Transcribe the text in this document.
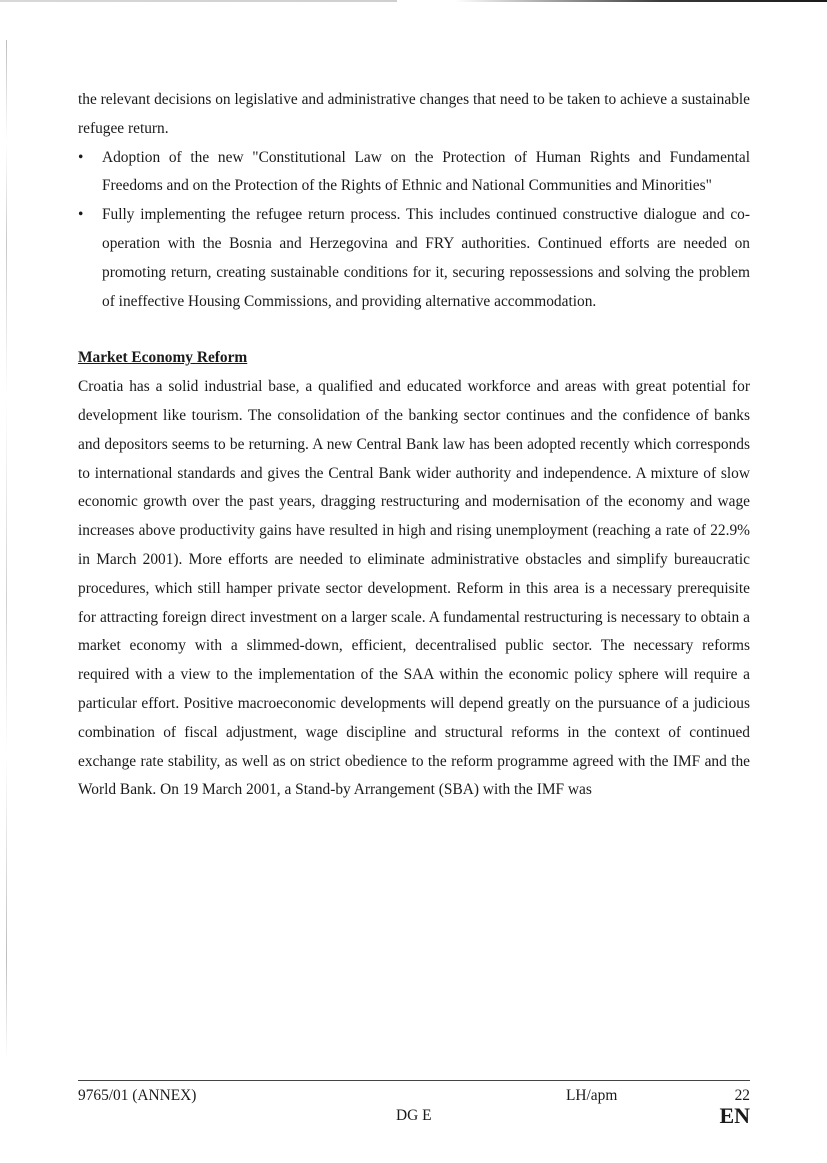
the relevant decisions on legislative and administrative changes that need to be taken to achieve a sustainable refugee return.

• Adoption of the new "Constitutional Law on the Protection of Human Rights and Fundamental Freedoms and on the Protection of the Rights of Ethnic and National Communities and Minorities"
• Fully implementing the refugee return process. This includes continued constructive dialogue and co-operation with the Bosnia and Herzegovina and FRY authorities. Continued efforts are needed on promoting return, creating sustainable conditions for it, securing repossessions and solving the problem of ineffective Housing Commissions, and providing alternative accommodation.
Market Economy Reform

Croatia has a solid industrial base, a qualified and educated workforce and areas with great potential for development like tourism. The consolidation of the banking sector continues and the confidence of banks and depositors seems to be returning. A new Central Bank law has been adopted recently which corresponds to international standards and gives the Central Bank wider authority and independence. A mixture of slow economic growth over the past years, dragging restructuring and modernisation of the economy and wage increases above productivity gains have resulted in high and rising unemployment (reaching a rate of 22.9% in March 2001). More efforts are needed to eliminate administrative obstacles and simplify bureaucratic procedures, which still hamper private sector development. Reform in this area is a necessary prerequisite for attracting foreign direct investment on a larger scale. A fundamental restructuring is necessary to obtain a market economy with a slimmed-down, efficient, decentralised public sector. The necessary reforms required with a view to the implementation of the SAA within the economic policy sphere will require a particular effort. Positive macroeconomic developments will depend greatly on the pursuance of a judicious combination of fiscal adjustment, wage discipline and structural reforms in the context of continued exchange rate stability, as well as on strict obedience to the reform programme agreed with the IMF and the World Bank. On 19 March 2001, a Stand-by Arrangement (SBA) with the IMF was

9765/01 (ANNEX)	LH/apm	22
DG E	EN
